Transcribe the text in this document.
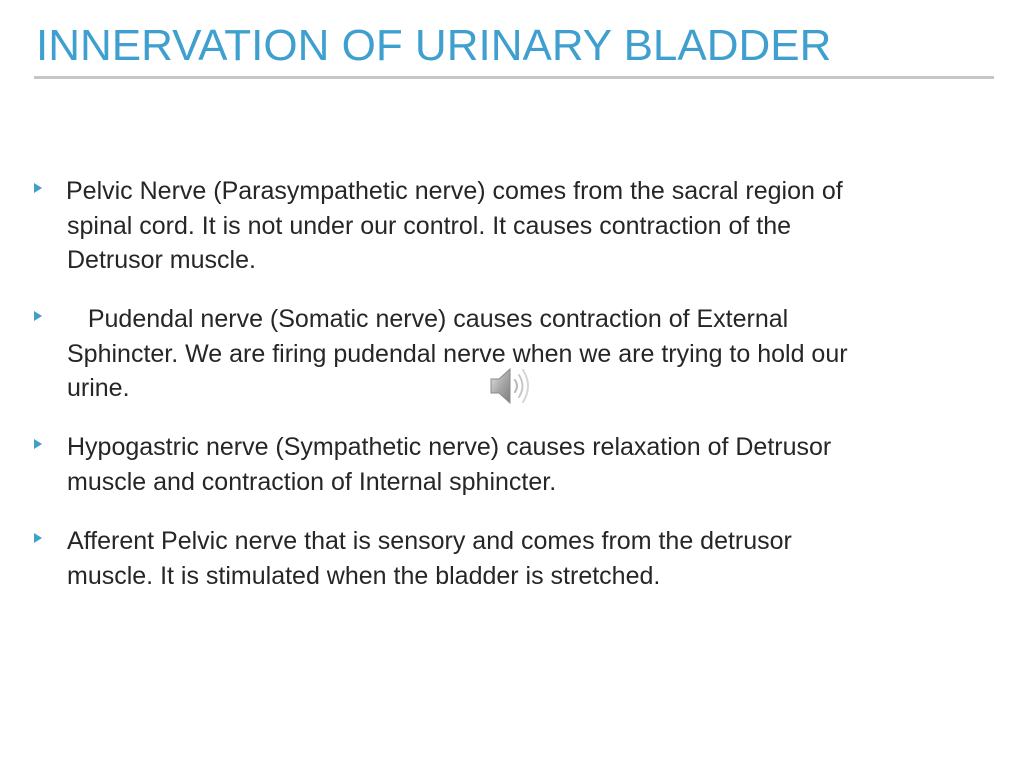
INNERVATION OF URINARY BLADDER

Pelvic Nerve (Parasympathetic nerve) comes from the sacral region of
spinal cord. It is not under our control. It causes contraction of the
Detrusor muscle.

Pudendal nerve (Somatic nerve) causes contraction of External
Sphincter. We are firing pudendal nerve when we are trying to hold our
urine.

Hypogastric nerve (Sympathetic nerve) causes relaxation of Detrusor
muscle and contraction of Internal sphincter.

Afferent Pelvic nerve that is sensory and comes from the detrusor
muscle. It is stimulated when the bladder is stretched.
